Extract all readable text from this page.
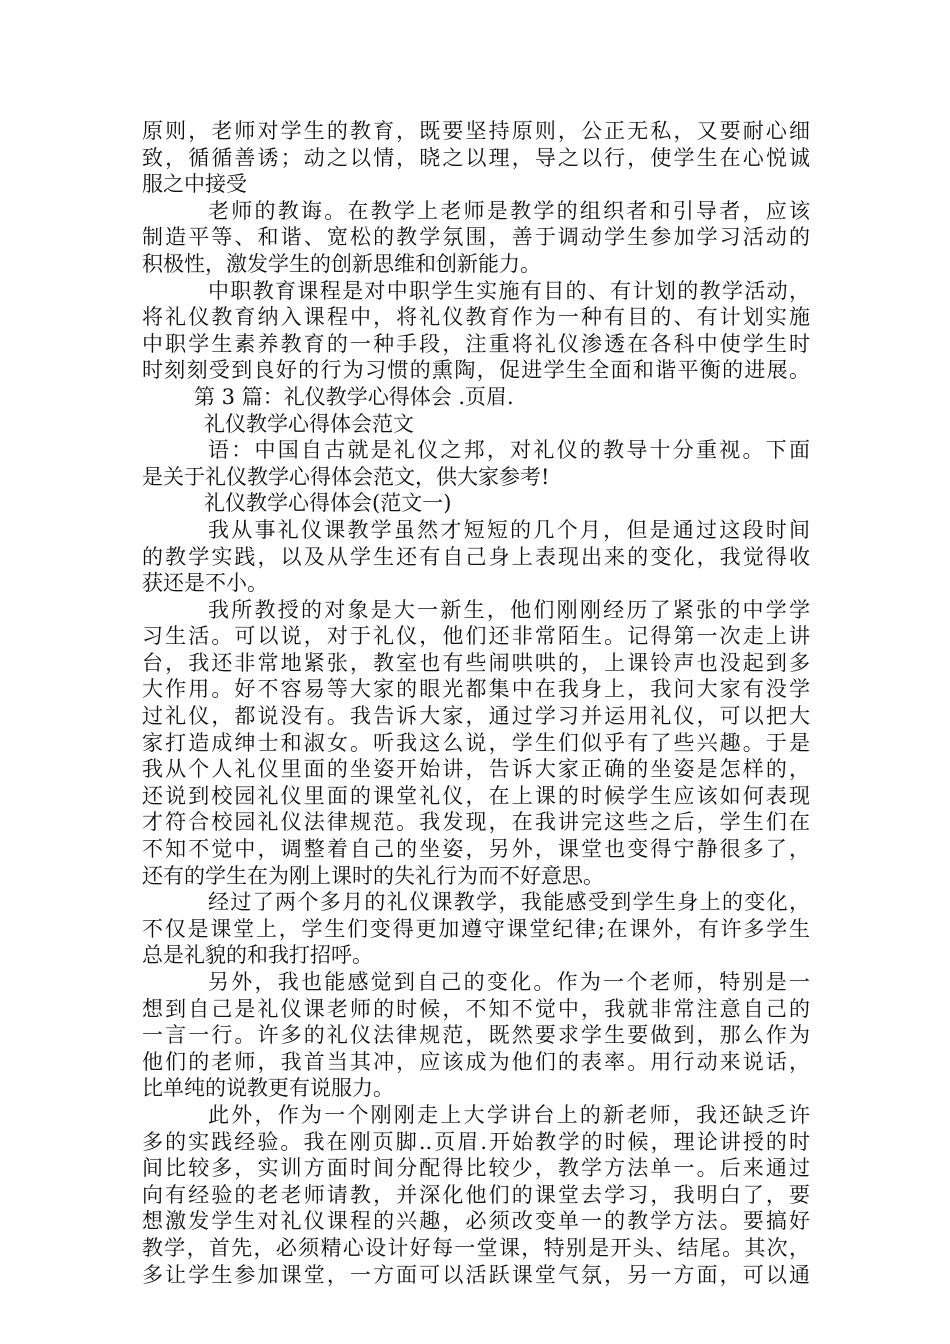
原则，老师对学生的教育，既要坚持原则，公正无私，又要耐心细
致，循循善诱；动之以情，晓之以理，导之以行，使学生在心悦诚
服之中接受
老师的教诲。在教学上老师是教学的组织者和引导者，应该
制造平等、和谐、宽松的教学氛围，善于调动学生参加学习活动的
积极性，激发学生的创新思维和创新能力。
中职教育课程是对中职学生实施有目的、有计划的教学活动，
将礼仪教育纳入课程中，将礼仪教育作为一种有目的、有计划实施
中职学生素养教育的一种手段，注重将礼仪渗透在各科中使学生时
时刻刻受到良好的行为习惯的熏陶，促进学生全面和谐平衡的进展。
第 3 篇：礼仪教学心得体会 .页眉.
礼仪教学心得体会范文
语：中国自古就是礼仪之邦，对礼仪的教导十分重视。下面
是关于礼仪教学心得体会范文，供大家参考!
礼仪教学心得体会(范文一)
我从事礼仪课教学虽然才短短的几个月，但是通过这段时间
的教学实践，以及从学生还有自己身上表现出来的变化，我觉得收
获还是不小。
我所教授的对象是大一新生，他们刚刚经历了紧张的中学学
习生活。可以说，对于礼仪，他们还非常陌生。记得第一次走上讲
台，我还非常地紧张，教室也有些闹哄哄的，上课铃声也没起到多
大作用。好不容易等大家的眼光都集中在我身上，我问大家有没学
过礼仪，都说没有。我告诉大家，通过学习并运用礼仪，可以把大
家打造成绅士和淑女。听我这么说，学生们似乎有了些兴趣。于是
我从个人礼仪里面的坐姿开始讲，告诉大家正确的坐姿是怎样的，
还说到校园礼仪里面的课堂礼仪，在上课的时候学生应该如何表现
才符合校园礼仪法律规范。我发现，在我讲完这些之后，学生们在
不知不觉中，调整着自己的坐姿，另外，课堂也变得宁静很多了，
还有的学生在为刚上课时的失礼行为而不好意思。
经过了两个多月的礼仪课教学，我能感受到学生身上的变化，
不仅是课堂上，学生们变得更加遵守课堂纪律;在课外，有许多学生
总是礼貌的和我打招呼。
另外，我也能感觉到自己的变化。作为一个老师，特别是一
想到自己是礼仪课老师的时候，不知不觉中，我就非常注意自己的
一言一行。许多的礼仪法律规范，既然要求学生要做到，那么作为
他们的老师，我首当其冲，应该成为他们的表率。用行动来说话，
比单纯的说教更有说服力。
此外，作为一个刚刚走上大学讲台上的新老师，我还缺乏许
多的实践经验。我在刚页脚..页眉.开始教学的时候，理论讲授的时
间比较多，实训方面时间分配得比较少，教学方法单一。后来通过
向有经验的老老师请教，并深化他们的课堂去学习，我明白了，要
想激发学生对礼仪课程的兴趣，必须改变单一的教学方法。要搞好
教学，首先，必须精心设计好每一堂课，特别是开头、结尾。其次，
多让学生参加课堂，一方面可以活跃课堂气氛，另一方面，可以通
